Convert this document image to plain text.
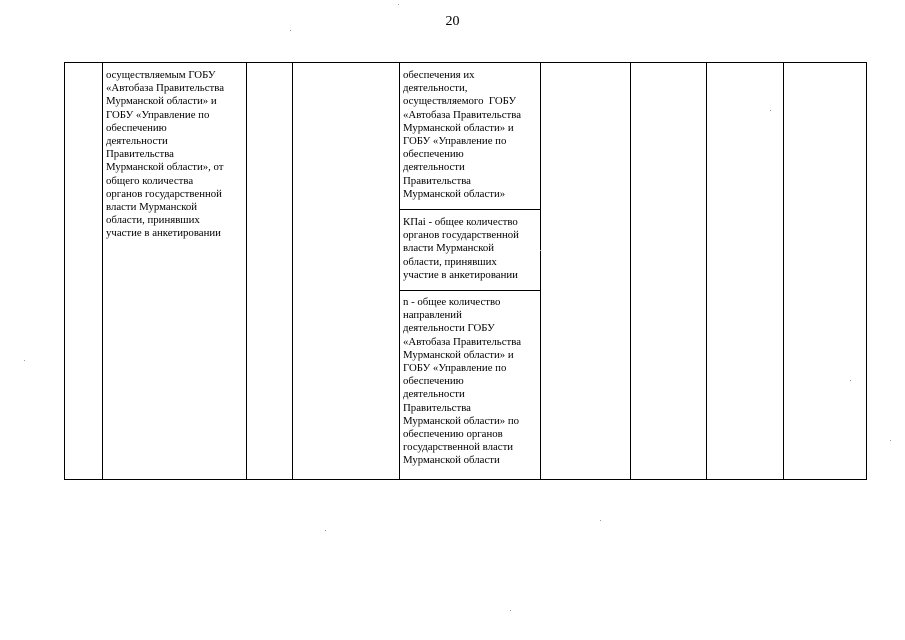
20

осуществляемым ГОБУ
«Автобаза Правительства
Мурманской области» и
ГОБУ «Управление по
обеспечению
деятельности
Правительства
Мурманской области», от
общего количества
органов государственной
власти Мурманской
области, принявших
участие в анкетировании

обеспечения их
деятельности,
осуществляемого  ГОБУ
«Автобаза Правительства
Мурманской области» и
ГОБУ «Управление по
обеспечению
деятельности
Правительства
Мурманской области»

КПаi - общее количество
органов государственной
власти Мурманской
области, принявших
участие в анкетировании

n - общее количество
направлений
деятельности ГОБУ
«Автобаза Правительства
Мурманской области» и
ГОБУ «Управление по
обеспечению
деятельности
Правительства
Мурманской области» по
обеспечению органов
государственной власти
Мурманской области
